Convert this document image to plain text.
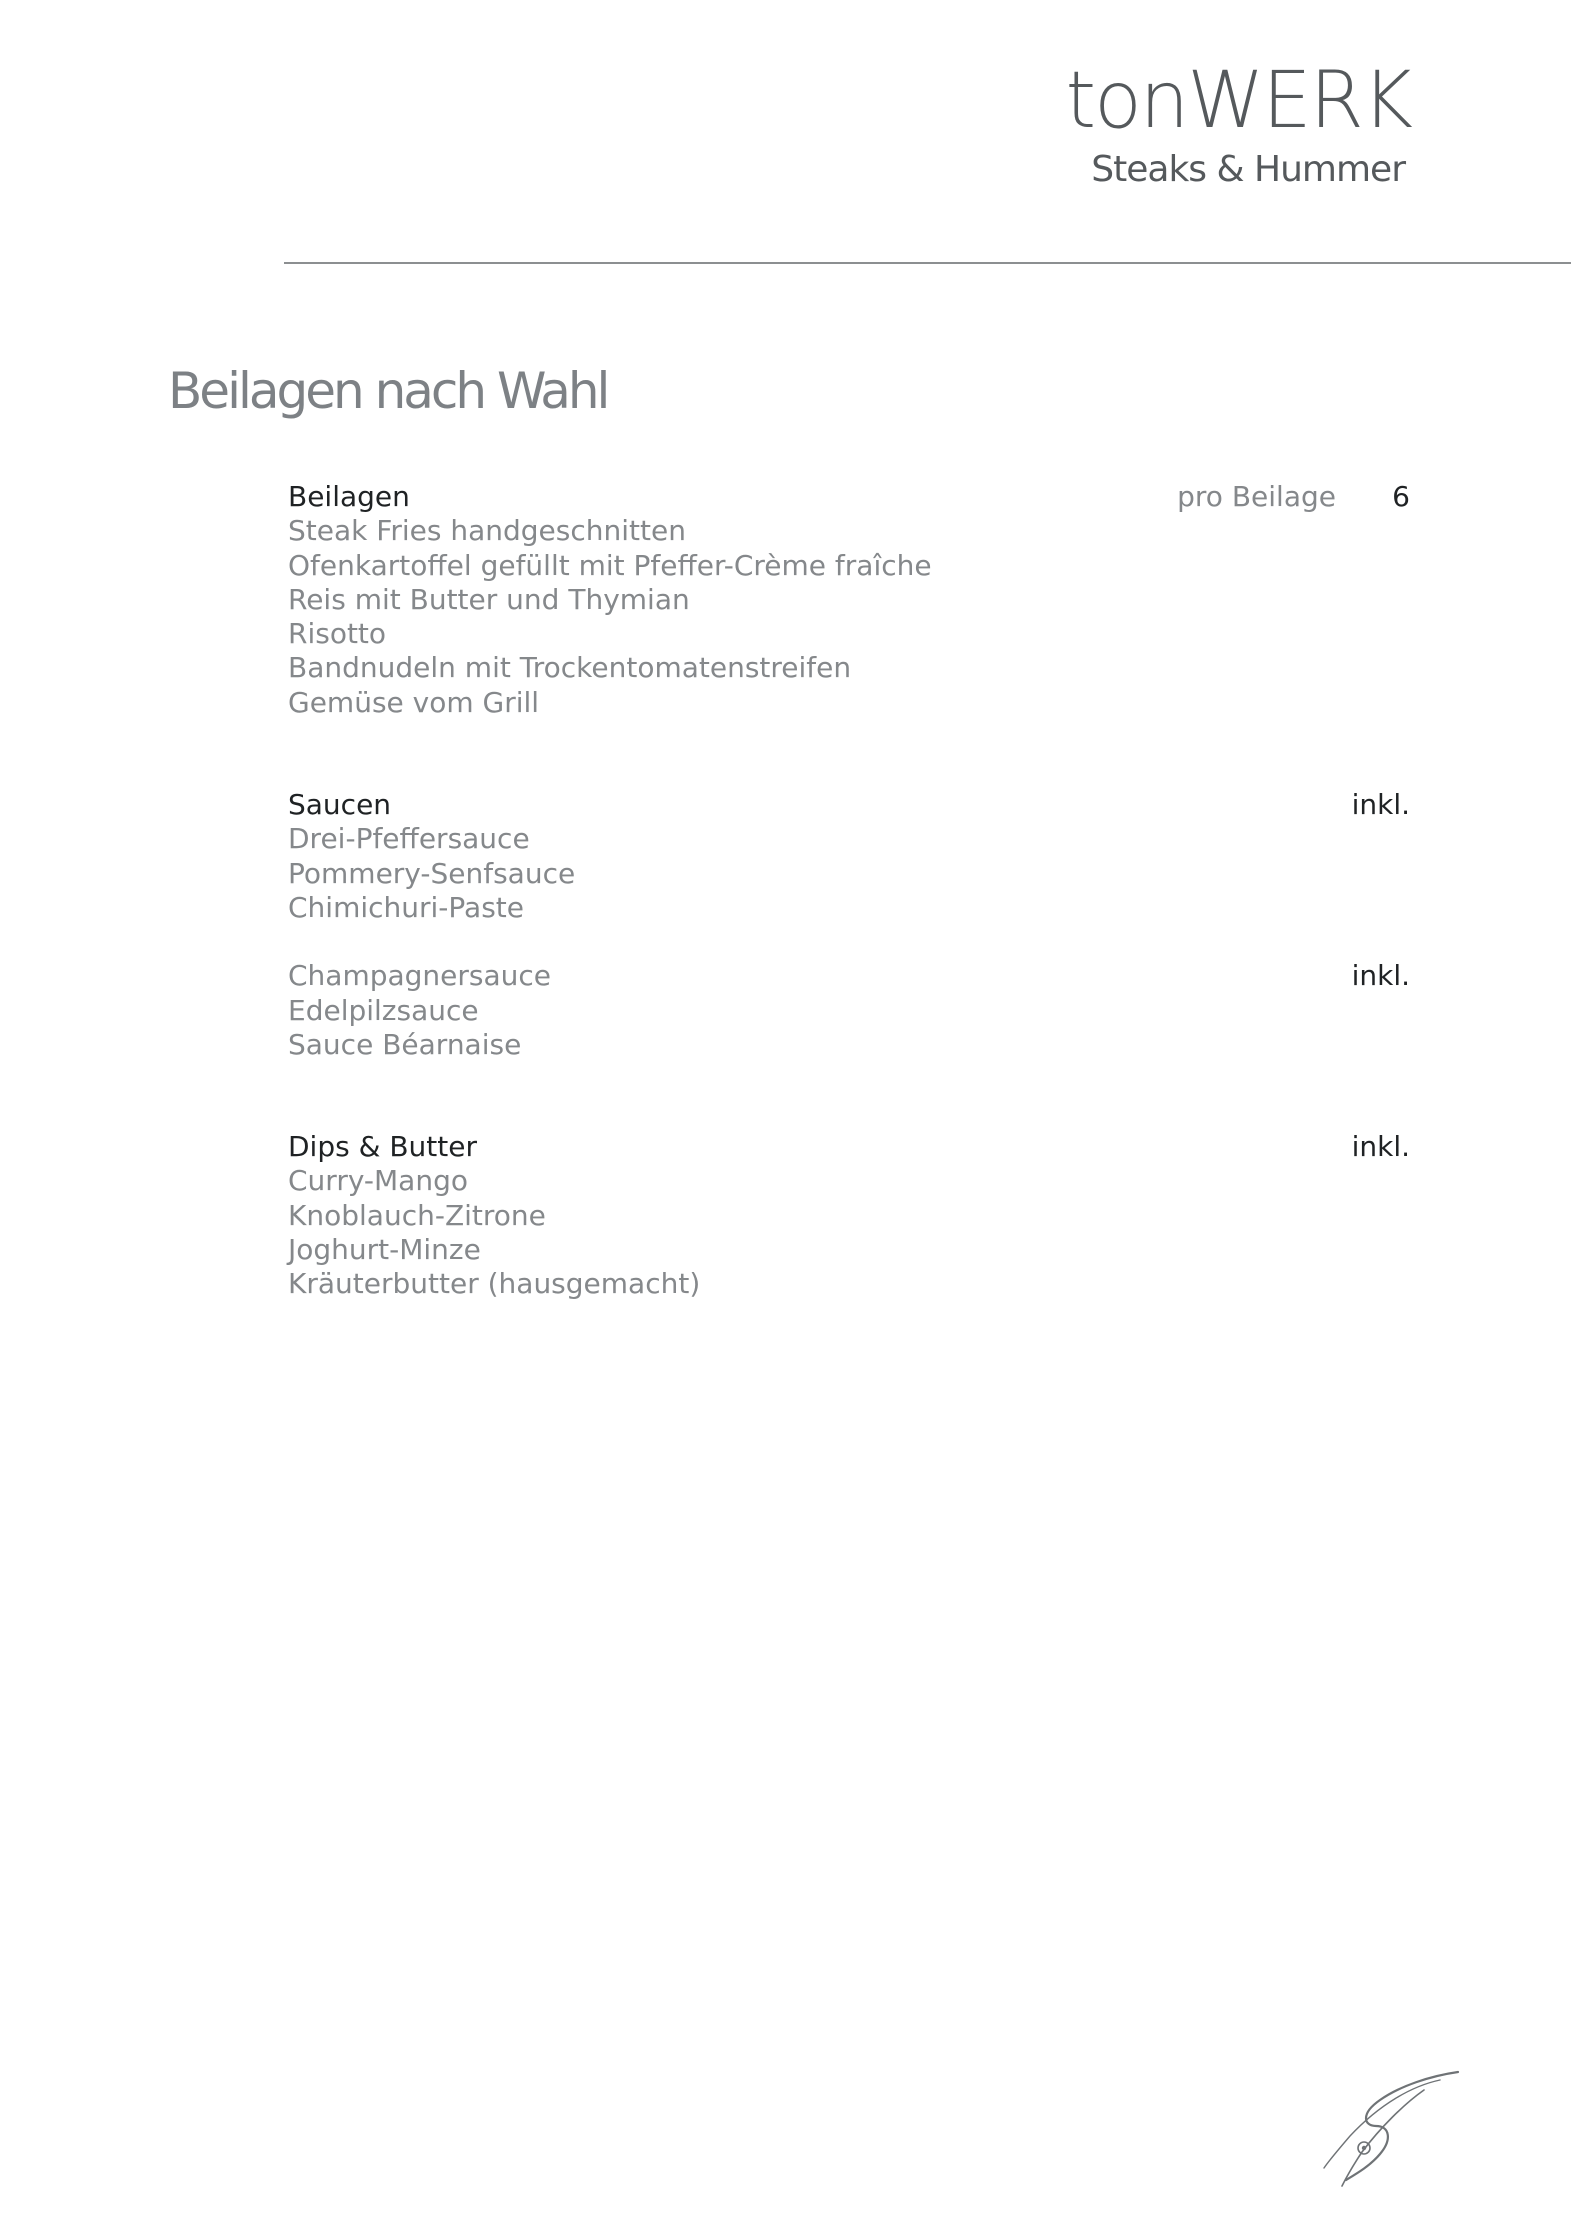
tonWERK
Steaks & Hummer
Beilagen nach Wahl
Beilagen	pro Beilage 6
Steak Fries handgeschnitten
Ofenkartoffel gefüllt mit Pfeffer-Crème fraîche
Reis mit Butter und Thymian
Risotto
Bandnudeln mit Trockentomatenstreifen
Gemüse vom Grill
Saucen	inkl.
Drei-Pfeffersauce
Pommery-Senfsauce
Chimichuri-Paste
Champagnersauce	inkl.
Edelpilzsauce
Sauce Béarnaise
Dips & Butter	inkl.
Curry-Mango
Knoblauch-Zitrone
Joghurt-Minze
Kräuterbutter (hausgemacht)
